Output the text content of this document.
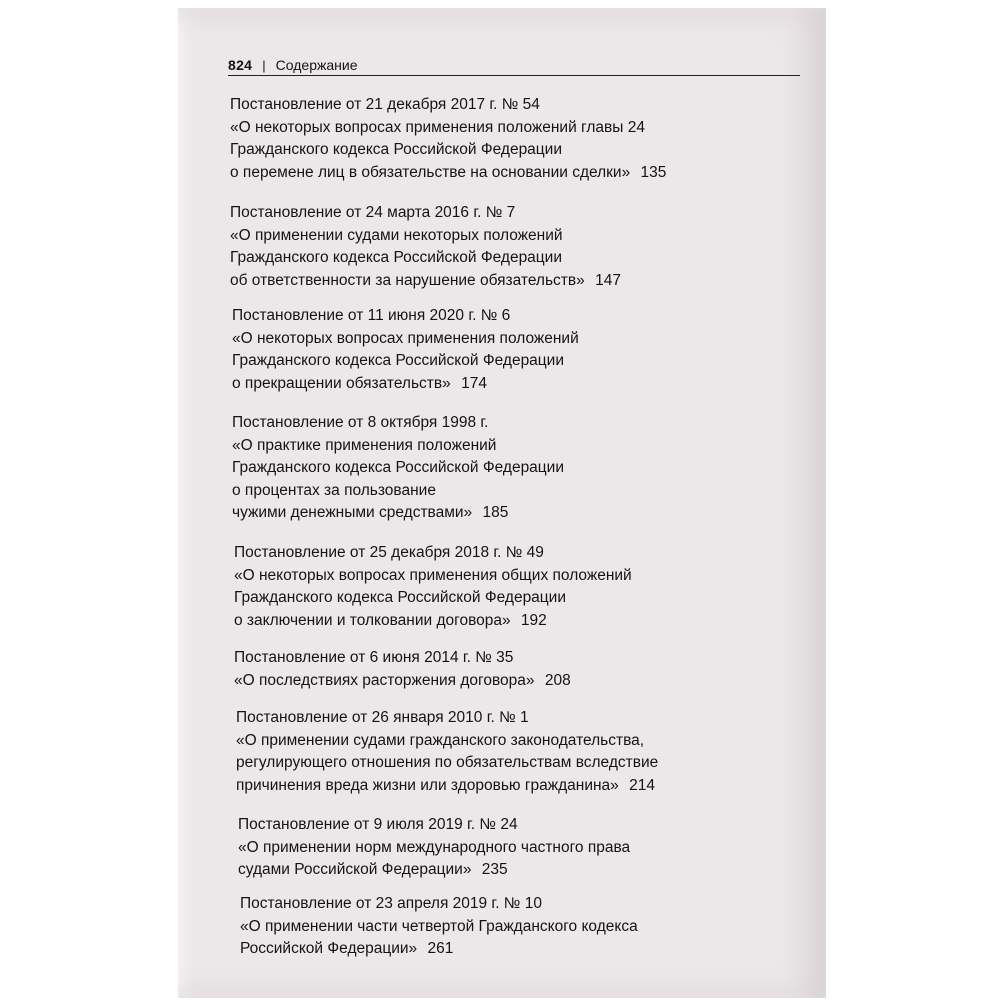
824 | Содержание
Постановление от 21 декабря 2017 г. № 54
«О некоторых вопросах применения положений главы 24
Гражданского кодекса Российской Федерации
о перемене лиц в обязательстве на основании сделки» 135
Постановление от 24 марта 2016 г. № 7
«О применении судами некоторых положений
Гражданского кодекса Российской Федерации
об ответственности за нарушение обязательств» 147
Постановление от 11 июня 2020 г. № 6
«О некоторых вопросах применения положений
Гражданского кодекса Российской Федерации
о прекращении обязательств» 174
Постановление от 8 октября 1998 г.
«О практике применения положений
Гражданского кодекса Российской Федерации
о процентах за пользование
чужими денежными средствами» 185
Постановление от 25 декабря 2018 г. № 49
«О некоторых вопросах применения общих положений
Гражданского кодекса Российской Федерации
о заключении и толковании договора» 192
Постановление от 6 июня 2014 г. № 35
«О последствиях расторжения договора» 208
Постановление от 26 января 2010 г. № 1
«О применении судами гражданского законодательства,
регулирующего отношения по обязательствам вследствие
причинения вреда жизни или здоровью гражданина» 214
Постановление от 9 июля 2019 г. № 24
«О применении норм международного частного права
судами Российской Федерации» 235
Постановление от 23 апреля 2019 г. № 10
«О применении части четвертой Гражданского кодекса
Российской Федерации» 261
